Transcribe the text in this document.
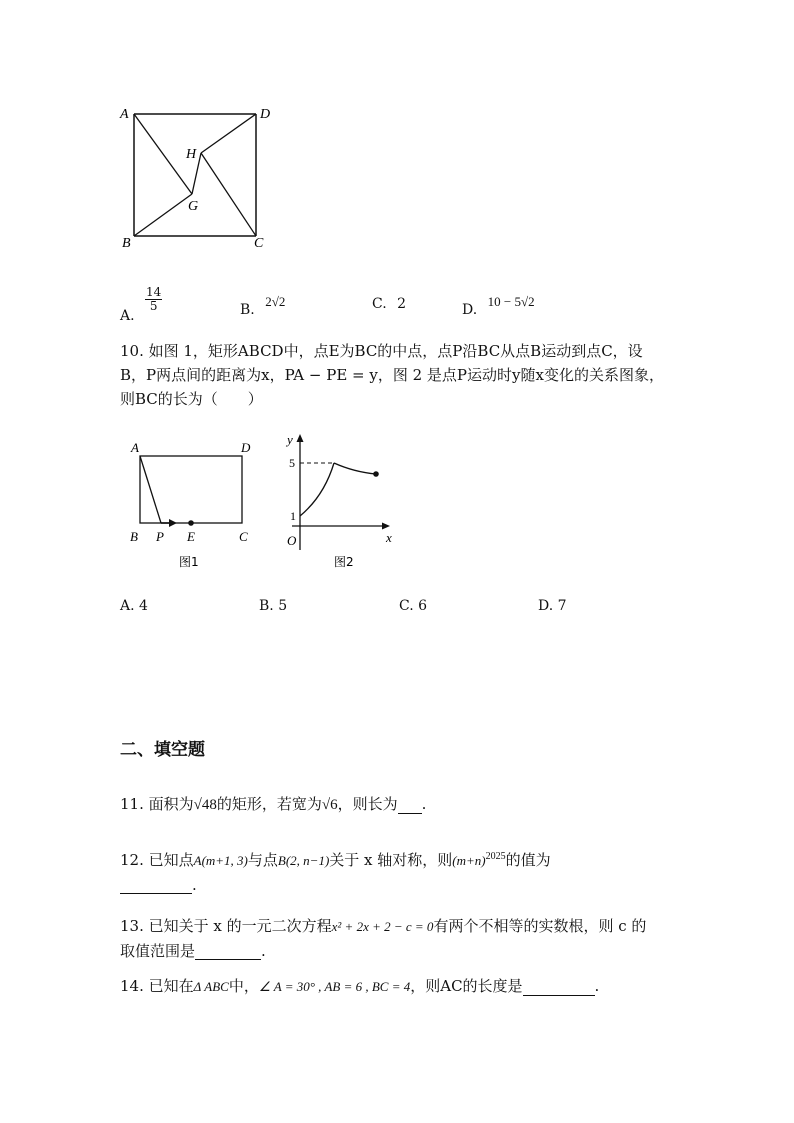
A	D
H
G
B	C
A.
$\frac{14}{5}$	B. 2√2	C. 2	D. 10 − 5√2
10. 如图 1，矩形ABCD中，点E为BC的中点，点P沿BC从点B运动到点C，设
B，P两点间的距离为x，PA − PE = y，图 2 是点P运动时y随x变化的关系图象，
则BC的长为（　　）
A	D
B P E	C
图1
y
x
O
5
1
图2
A. 4	B. 5	C. 6	D. 7
二、填空题
11. 面积为√48的矩形，若宽为√6，则长为 .
12. 已知点A(m+1, 3)与点B(2, n−1)关于 x 轴对称，则$(m+n)^{2025}$的值为
.
13. 已知关于 x 的一元二次方程x² + 2x + 2 − c = 0有两个不相等的实数根，则 c 的
取值范围是	.
14. 已知在Δ ABC中，∠ A = 30° , AB = 6 , BC = 4，则AC的长度是	.
